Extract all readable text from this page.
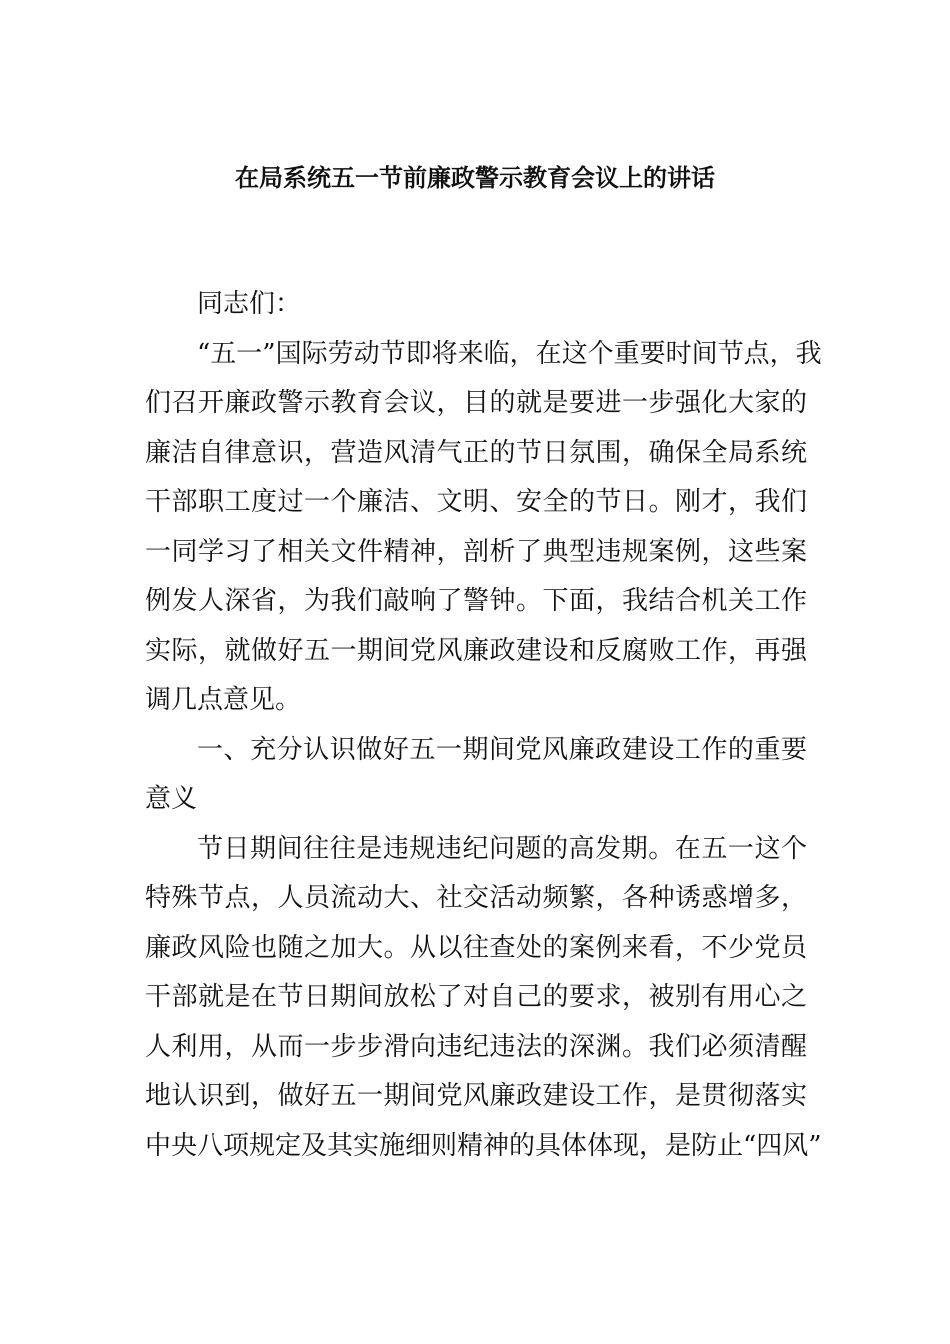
在局系统五一节前廉政警示教育会议上的讲话
同志们：
“五一”国际劳动节即将来临，在这个重要时间节点，我
们召开廉政警示教育会议，目的就是要进一步强化大家的
廉洁自律意识，营造风清气正的节日氛围，确保全局系统
干部职工度过一个廉洁、文明、安全的节日。刚才，我们
一同学习了相关文件精神，剖析了典型违规案例，这些案
例发人深省，为我们敲响了警钟。下面，我结合机关工作
实际，就做好五一期间党风廉政建设和反腐败工作，再强
调几点意见。
一、充分认识做好五一期间党风廉政建设工作的重要
意义
节日期间往往是违规违纪问题的高发期。在五一这个
特殊节点，人员流动大、社交活动频繁，各种诱惑增多，
廉政风险也随之加大。从以往查处的案例来看，不少党员
干部就是在节日期间放松了对自己的要求，被别有用心之
人利用，从而一步步滑向违纪违法的深渊。我们必须清醒
地认识到，做好五一期间党风廉政建设工作，是贯彻落实
中央八项规定及其实施细则精神的具体体现，是防止“四风”
